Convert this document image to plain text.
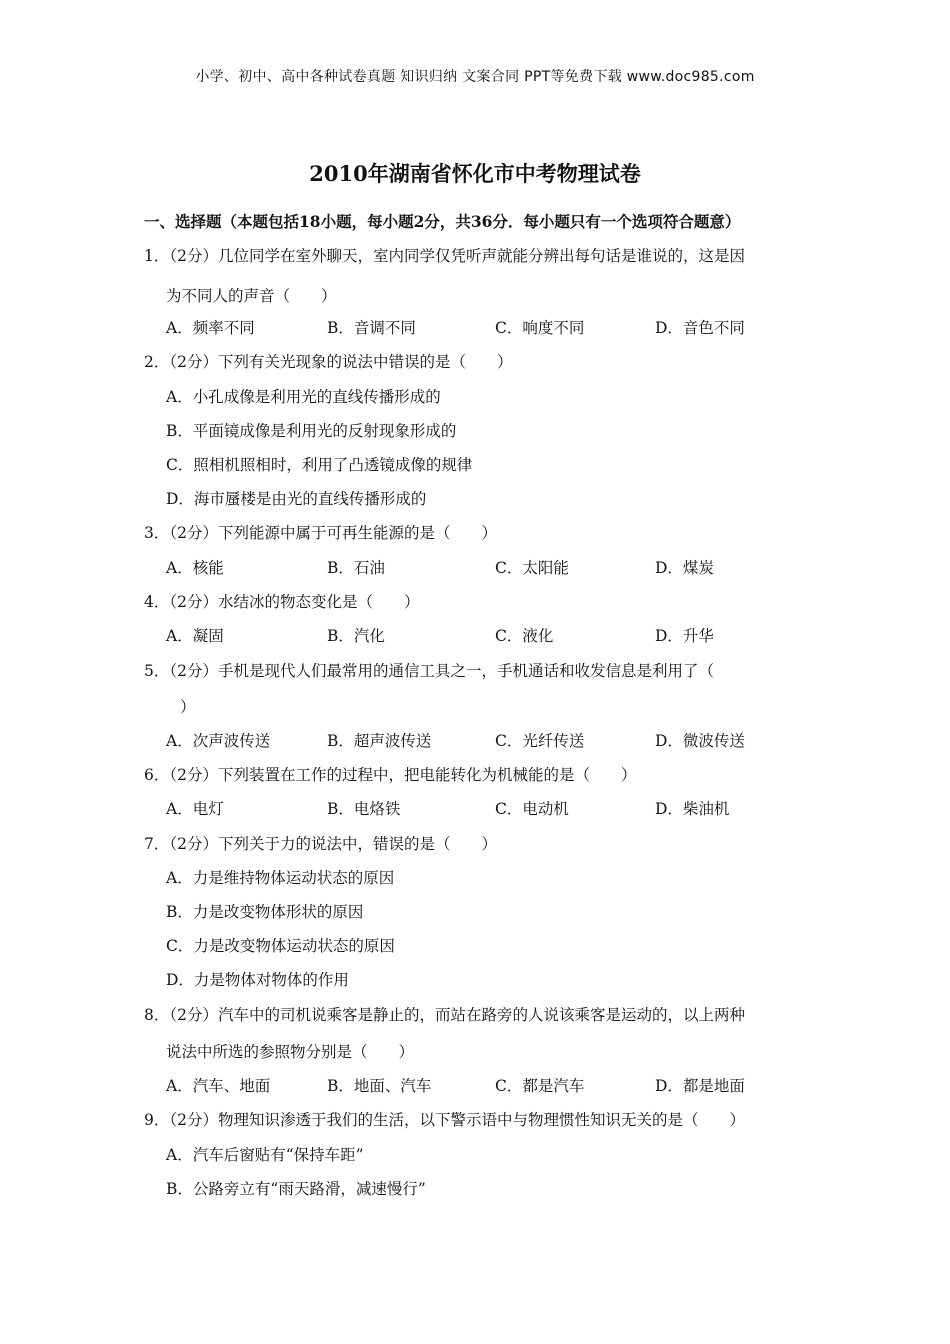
小学、初中、高中各种试卷真题 知识归纳 文案合同 PPT等免费下载 www.doc985.com
2010年湖南省怀化市中考物理试卷
一、选择题（本题包括18小题，每小题2分，共36分．每小题只有一个选项符合题意）
1．（2分）几位同学在室外聊天，室内同学仅凭听声就能分辨出每句话是谁说的，这是因
为不同人的声音（　　）
A．频率不同	B．音调不同	C．响度不同	D．音色不同
2．（2分）下列有关光现象的说法中错误的是（　　）
A．小孔成像是利用光的直线传播形成的
B．平面镜成像是利用光的反射现象形成的
C．照相机照相时，利用了凸透镜成像的规律
D．海市蜃楼是由光的直线传播形成的
3．（2分）下列能源中属于可再生能源的是（　　）
A．核能	B．石油	C．太阳能	D．煤炭
4．（2分）水结冰的物态变化是（　　）
A．凝固	B．汽化	C．液化	D．升华
5．（2分）手机是现代人们最常用的通信工具之一，手机通话和收发信息是利用了（
）
A．次声波传送	B．超声波传送	C．光纤传送	D．微波传送
6．（2分）下列装置在工作的过程中，把电能转化为机械能的是（　　）
A．电灯	B．电烙铁	C．电动机	D．柴油机
7．（2分）下列关于力的说法中，错误的是（　　）
A．力是维持物体运动状态的原因
B．力是改变物体形状的原因
C．力是改变物体运动状态的原因
D．力是物体对物体的作用
8．（2分）汽车中的司机说乘客是静止的，而站在路旁的人说该乘客是运动的，以上两种
说法中所选的参照物分别是（　　）
A．汽车、地面	B．地面、汽车	C．都是汽车	D．都是地面
9．（2分）物理知识渗透于我们的生活，以下警示语中与物理惯性知识无关的是（　　）
A．汽车后窗贴有“保持车距”
B．公路旁立有“雨天路滑，减速慢行”
